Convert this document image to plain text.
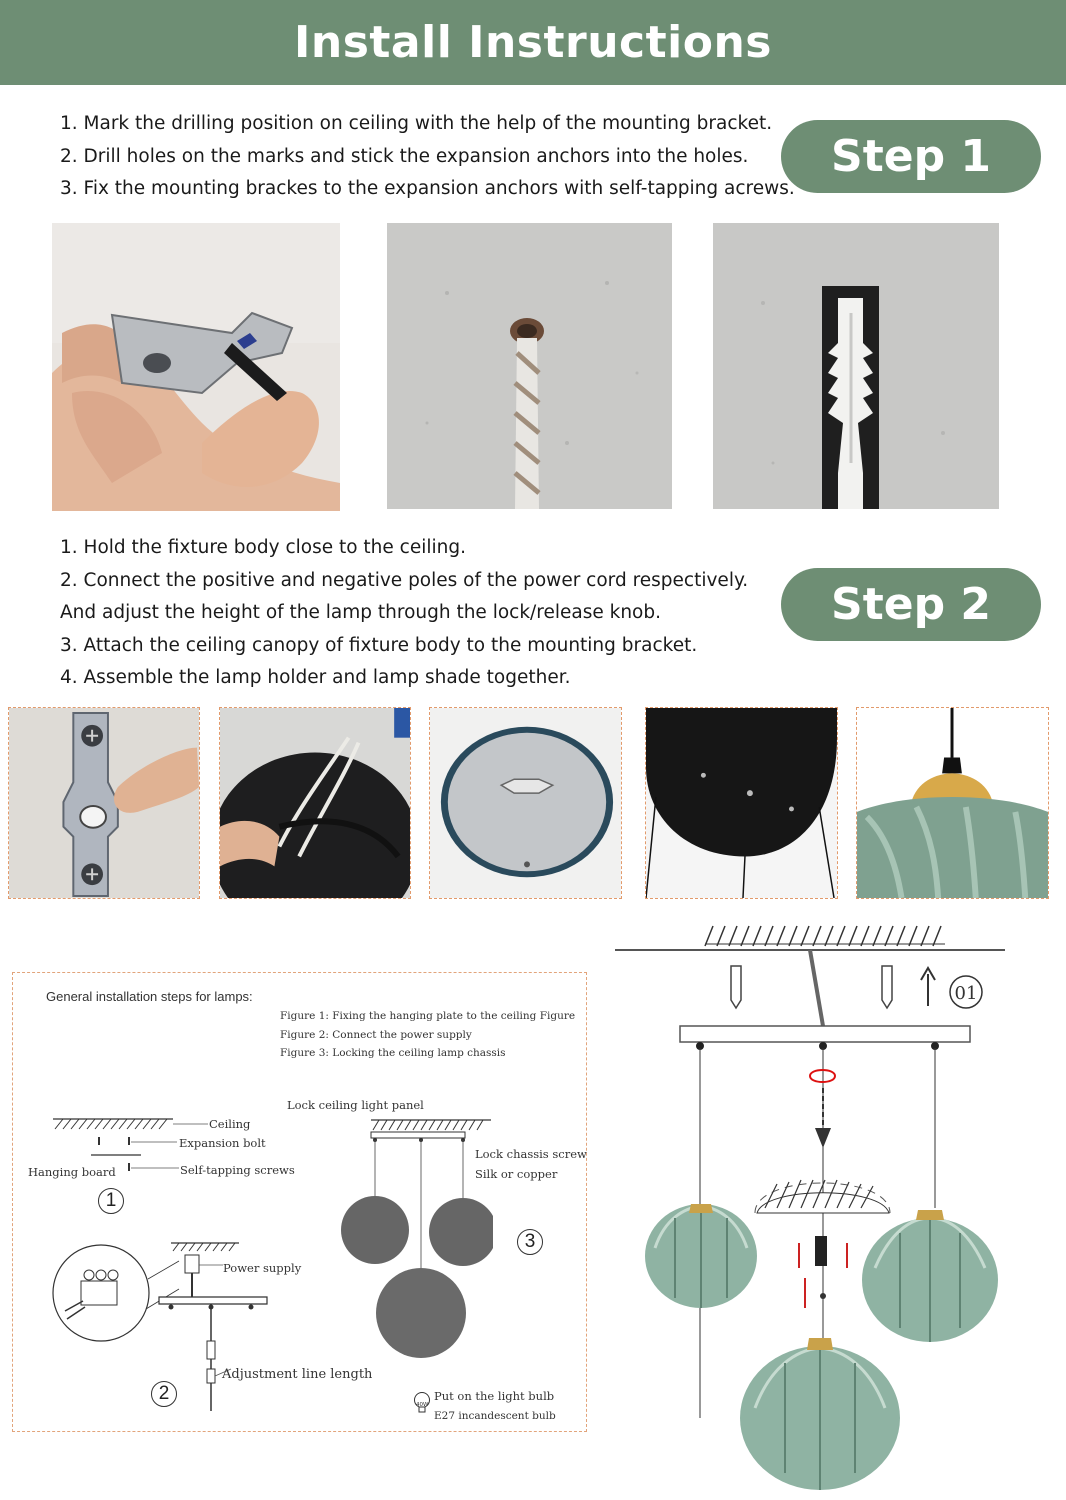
Install Instructions

1. Mark the drilling position on ceiling with the help of the mounting bracket.

2. Drill holes on the marks and stick the expansion anchors into the holes.

3. Fix the mounting brackes to the expansion anchors with self-tapping acrews.

Step 1

1. Hold the fixture body close to the ceiling.

2. Connect the positive and negative poles of the power cord respectively.

And adjust the height of the lamp through the lock/release knob.

3. Attach the ceiling canopy of fixture body to the mounting bracket.

4. Assemble the lamp holder and lamp shade together.

Step 2
General installation steps for lamps:
Figure 1: Fixing the hanging plate to the ceiling Figure
Figure 2: Connect the power supply
Figure 3: Locking the ceiling lamp chassis
Ceiling
Expansion bolt
Hanging board	Self-tapping screws
1
Power supply
Adjustment line length
2
Lock ceiling light panel
Lock chassis screw
Silk or copper
3
40W
Put on the light bulb
E27 incandescent bulb
01
